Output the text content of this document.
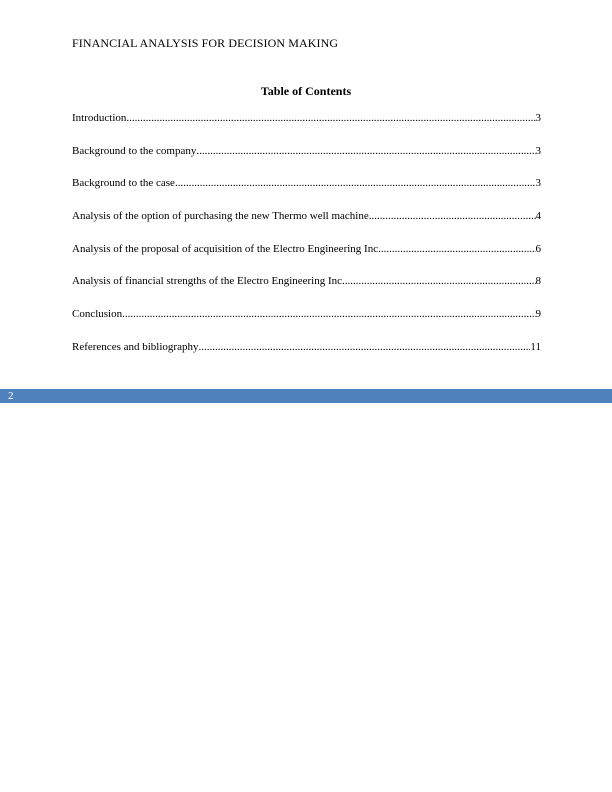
FINANCIAL ANALYSIS FOR DECISION MAKING
Table of Contents
Introduction .....	3
Background to the company .....	3
Background to the case .....	3
Analysis of the option of purchasing the new Thermo well machine .....	4
Analysis of the proposal of acquisition of the Electro Engineering Inc. .....	6
Analysis of financial strengths of the Electro Engineering Inc. .....	8
Conclusion .....	9
References and bibliography .....	11
2
